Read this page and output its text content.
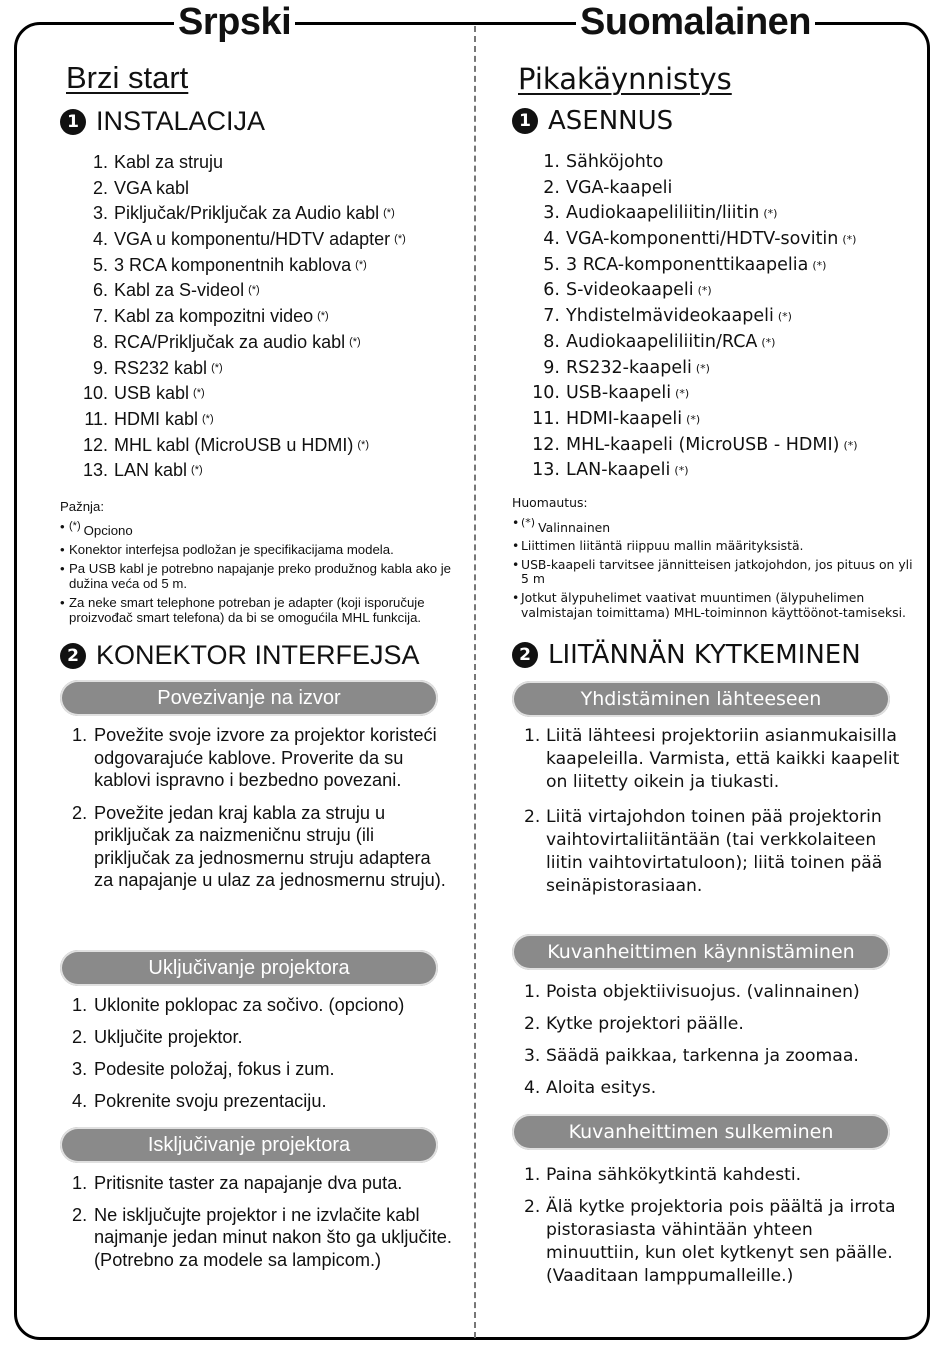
Srpski	Suomalainen
Brzi start
1 INSTALACIJA
1. Kabl za struju
2. VGA kabl
3. Piključak/Priključak za Audio kabl (*)
4. VGA u komponentu/HDTV adapter (*)
5. 3 RCA komponentnih kablova (*)
6. Kabl za S-videol (*)
7. Kabl za kompozitni video (*)
8. RCA/Priključak za audio kabl (*)
9. RS232 kabl (*)
10. USB kabl (*)
11. HDMI kabl (*)
12. MHL kabl (MicroUSB u HDMI) (*)
13. LAN kabl (*)
Pažnja:
• (*) Opciono
• Konektor interfejsa podložan je specifikacijama modela.
• Pa USB kabl je potrebno napajanje preko produžnog kabla ako je dužina veća od 5 m.
• Za neke smart telephone potreban je adapter (koji isporučuje proizvođač smart telefona) da bi se omogućila MHL funkcija.
2 KONEKTOR INTERFEJSA
Povezivanje na izvor
1. Povežite svoje izvore za projektor koristeći odgovarajuće kablove. Proverite da su kablovi ispravno i bezbedno povezani.
2. Povežite jedan kraj kabla za struju u priključak za naizmeničnu struju (ili priključak za jednosmernu struju adaptera za napajanje u ulaz za jednosmernu struju).
Uključivanje projektora
1. Uklonite poklopac za sočivo. (opciono)
2. Uključite projektor.
3. Podesite položaj, fokus i zum.
4. Pokrenite svoju prezentaciju.
Isključivanje projektora
1. Pritisnite taster za napajanje dva puta.
2. Ne isključujte projektor i ne izvlačite kabl najmanje jedan minut nakon što ga uključite. (Potrebno za modele sa lampicom.)
Pikakäynnistys
1 ASENNUS
1. Sähköjohto
2. VGA-kaapeli
3. Audiokaapeliliitin/liitin (*)
4. VGA-komponentti/HDTV-sovitin (*)
5. 3 RCA-komponenttikaapelia (*)
6. S-videokaapeli (*)
7. Yhdistelmävideokaapeli (*)
8. Audiokaapeliliitin/RCA (*)
9. RS232-kaapeli (*)
10. USB-kaapeli (*)
11. HDMI-kaapeli (*)
12. MHL-kaapeli (MicroUSB - HDMI) (*)
13. LAN-kaapeli (*)
Huomautus:
• (*) Valinnainen
• Liittimen liitäntä riippuu mallin määrityksistä.
• USB-kaapeli tarvitsee jännitteisen jatkojohdon, jos pituus on yli 5 m
• Jotkut älypuhelimet vaativat muuntimen (älypuhelimen valmistajan toimittama) MHL-toiminnon käyttöönot-tamiseksi.
2 LIITÄNNÄN KYTKEMINEN
Yhdistäminen lähteeseen
1. Liitä lähteesi projektoriin asianmukaisilla kaapeleilla. Varmista, että kaikki kaapelit on liitetty oikein ja tiukasti.
2. Liitä virtajohdon toinen pää projektorin vaihtovirtaliitäntään (tai verkkolaiteen liitin vaihtovirtatuloon); liitä toinen pää seinäpistorasiaan.
Kuvanheittimen käynnistäminen
1. Poista objektiivisuojus. (valinnainen)
2. Kytke projektori päälle.
3. Säädä paikkaa, tarkenna ja zoomaa.
4. Aloita esitys.
Kuvanheittimen sulkeminen
1. Paina sähkökytkintä kahdesti.
2. Älä kytke projektoria pois päältä ja irrota pistorasiasta vähintään yhteen minuuttiin, kun olet kytkenyt sen päälle. (Vaaditaan lamppumalleille.)
